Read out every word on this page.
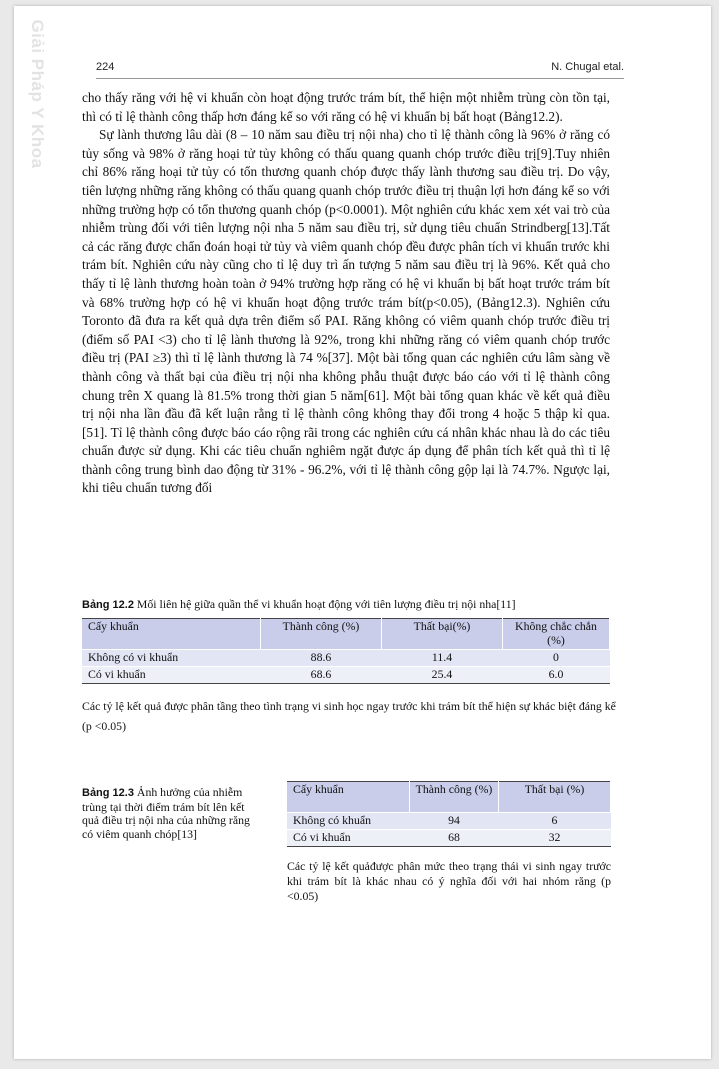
Giải Pháp Y Khoa	224	N. Chugal etal.

cho thấy răng với hệ vi khuẩn còn hoạt động trước trám bít, thể hiện một nhiễm trùng còn tồn tại, thì có tỉ lệ thành công thấp hơn đáng kể so với răng có hệ vi khuẩn bị bất hoạt (Bảng12.2).

Sự lành thương lâu dài (8 – 10 năm sau điều trị nội nha) cho tỉ lệ thành công là 96% ở răng có tủy sống và 98% ở răng hoại tử tủy không có thấu quang quanh chóp trước điều trị[9].Tuy nhiên chỉ 86% răng hoại tử tủy có tổn thương quanh chóp được thấy lành thương sau điều trị. Do vậy, tiên lượng những răng không có thấu quang quanh chóp trước điều trị thuận lợi hơn đáng kể so với những trường hợp có tổn thương quanh chóp (p<0.0001). Một nghiên cứu khác xem xét vai trò của nhiễm trùng đối với tiên lượng nội nha 5 năm sau điều trị, sử dụng tiêu chuẩn Strindberg[13].Tất cả các răng được chẩn đoán hoại tử tủy và viêm quanh chóp đều được phân tích vi khuẩn trước khi trám bít. Nghiên cứu này cũng cho tỉ lệ duy trì ấn tượng 5 năm sau điều trị là 96%. Kết quả cho thấy tỉ lệ lành thương hoàn toàn ở 94% trường hợp răng có hệ vi khuẩn bị bất hoạt trước trám bít và 68% trường hợp có hệ vi khuẩn hoạt động trước trám bít(p<0.05), (Bảng12.3). Nghiên cứu Toronto đã đưa ra kết quả dựa trên điểm số PAI. Răng không có viêm quanh chóp trước điều trị (điểm số PAI <3) cho tỉ lệ lành thương là 92%, trong khi những răng có viêm quanh chóp trước điều trị (PAI ≥3) thì tỉ lệ lành thương là 74 %[37]. Một bài tổng quan các nghiên cứu lâm sàng về thành công và thất bại của điều trị nội nha không phẫu thuật được báo cáo với tỉ lệ thành công chung trên X quang là 81.5% trong thời gian 5 năm[61]. Một bài tổng quan khác về kết quả điều trị nội nha lần đầu đã kết luận rằng tỉ lệ thành công không thay đổi trong 4 hoặc 5 thập kỉ qua. [51]. Tỉ lệ thành công được báo cáo rộng rãi trong các nghiên cứu cá nhân khác nhau là do các tiêu chuẩn được sử dụng. Khi các tiêu chuẩn nghiêm ngặt được áp dụng để phân tích kết quả thì tỉ lệ thành công trung bình dao động từ 31% - 96.2%, với tỉ lệ thành công gộp lại là 74.7%. Ngược lại, khi tiêu chuẩn tương đối

Bảng 12.2 Mối liên hệ giữa quần thể vi khuẩn hoạt động với tiên lượng điều trị nội nha[11]
Cấy khuẩn	Thành công (%)	Thất bại(%)	Không chắc chắn (%)
Không có vi khuẩn	88.6	11.4	0
Có vi khuẩn	68.6	25.4	6.0
Các tỷ lệ kết quả được phân tầng theo tình trạng vi sinh học ngay trước khi trám bít thể hiện sự khác biệt đáng kể (p <0.05)
Bảng 12.3 Ảnh hưởng của nhiễm trùng tại thời điểm trám bít lên kết quả điều trị nội nha của những răng có viêm quanh chóp[13]
Cấy khuẩn	Thành công (%)	Thất bại (%)
Không có khuẩn	94	6
Có vi khuẩn	68	32
Các tỷ lệ kết quảđược phân mức theo trạng thái vi sinh ngay trước khi trám bít là khác nhau có ý nghĩa đối với hai nhóm răng (p <0.05)
